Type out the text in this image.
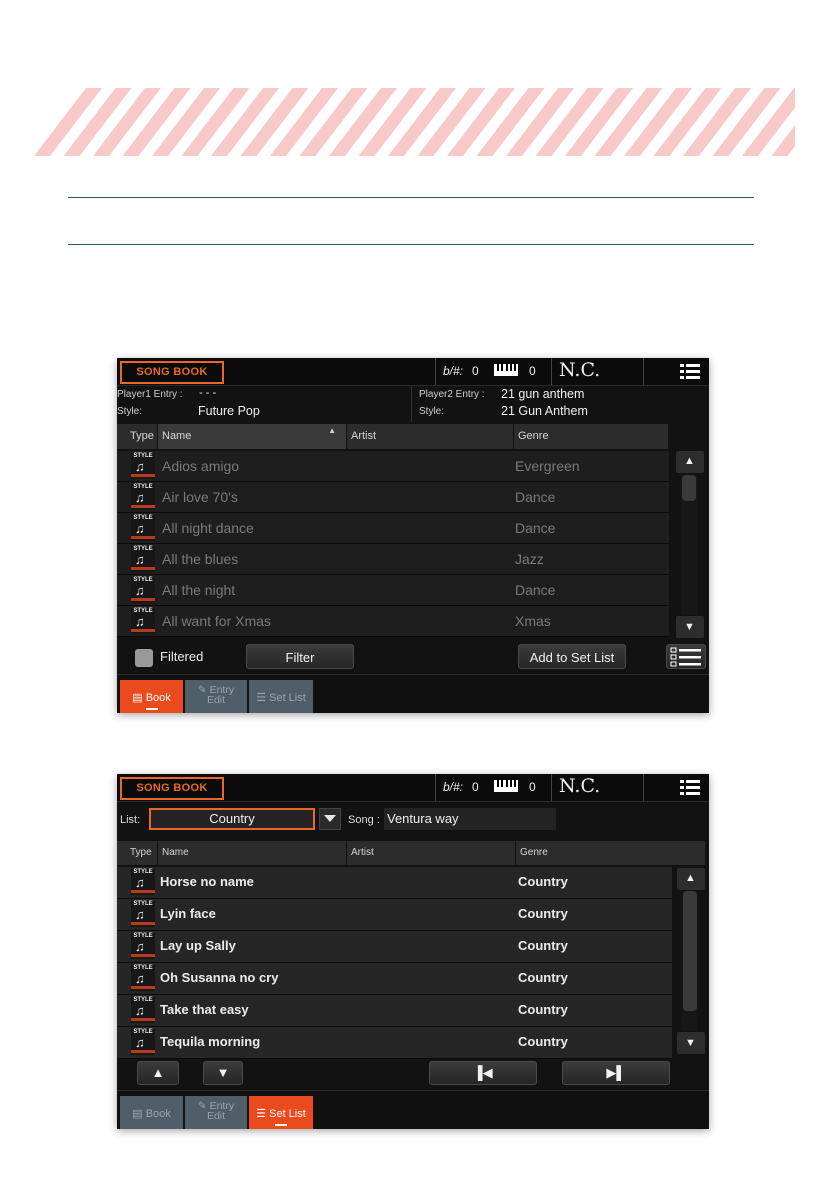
SONG BOOK	b/#: 0	0 N.C.
Player1 Entry : - - -
Style:	Future Pop
Player2 Entry : 21 gun anthem
Style:	21 Gun Anthem
Type Name	▲	Artist	Genre
STYLE
♫ Adios amigo	Evergreen
STYLE
♫ Air love 70's	Dance
STYLE
♫ All night dance	Dance
STYLE
♫ All the blues	Jazz
STYLE
♫ All the night	Dance
STYLE
♫ All want for Xmas	Xmas
▲
▼
Filtered	Filter	Add to Set List
▤ Book
✎ Entry
Edit	☰ Set List
SONG BOOK	b/#: 0	0 N.C.
List:	Country	Song : Ventura way
Type	Name	Artist	Genre
STYLE
♫ Horse no name	Country
STYLE
♫ Lyin face	Country
STYLE
♫ Lay up Sally	Country
STYLE
♫ Oh Susanna no cry	Country
STYLE
♫ Take that easy	Country
STYLE
♫ Tequila morning	Country
▲
▼
▲	▼	▐◀	▶▌
▤ Book
✎ Entry
Edit	☰ Set List
